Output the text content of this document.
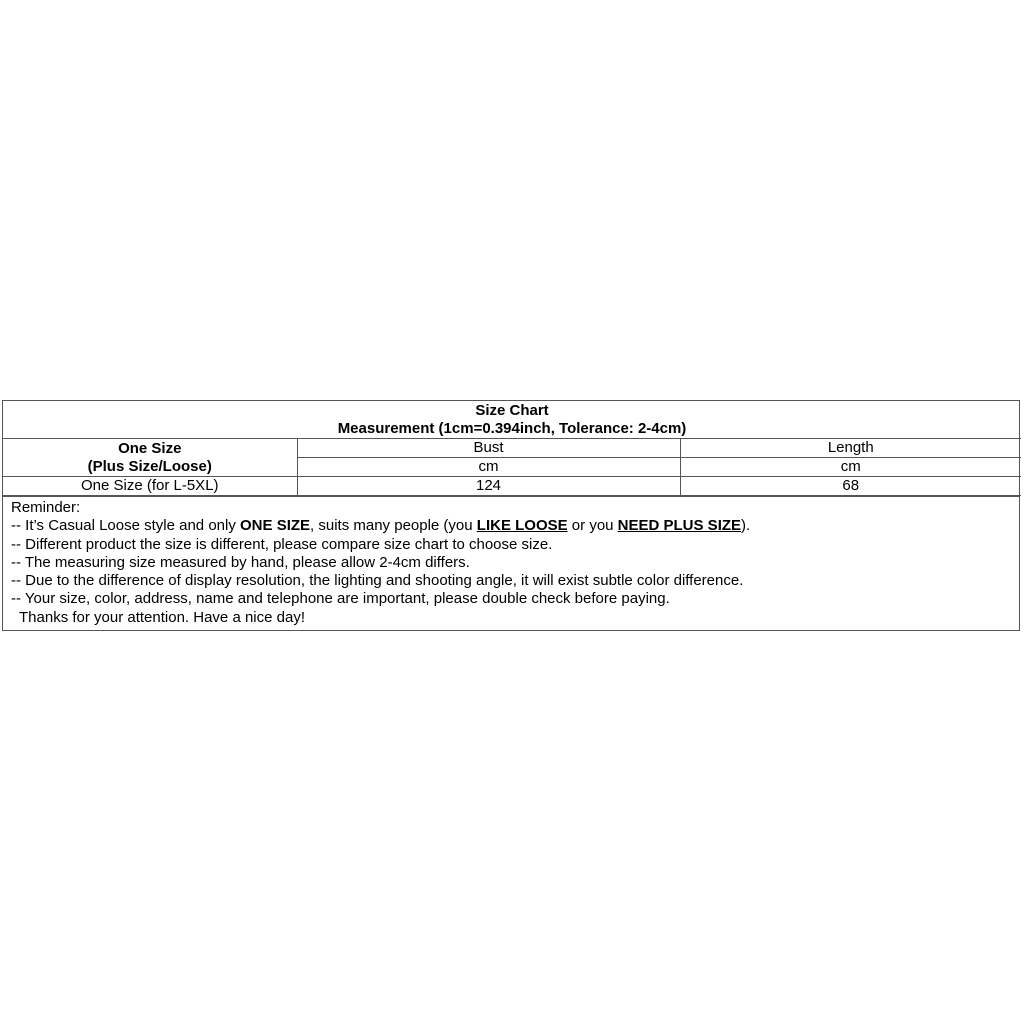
Size Chart
Measurement (1cm=0.394inch, Tolerance: 2-4cm)		

One Size
(Plus Size/Loose)	Bust	Length
	cm	cm
One Size (for L-5XL)	124	68
Reminder:
-- It’s Casual Loose style and only ONE SIZE, suits many people (you LIKE LOOSE or you NEED PLUS SIZE).
-- Different product the size is different, please compare size chart to choose size.
-- The measuring size measured by hand, please allow 2-4cm differs.
-- Due to the difference of display resolution, the lighting and shooting angle, it will exist subtle color difference.
-- Your size, color, address, name and telephone are important, please double check before paying.
Thanks for your attention. Have a nice day!
